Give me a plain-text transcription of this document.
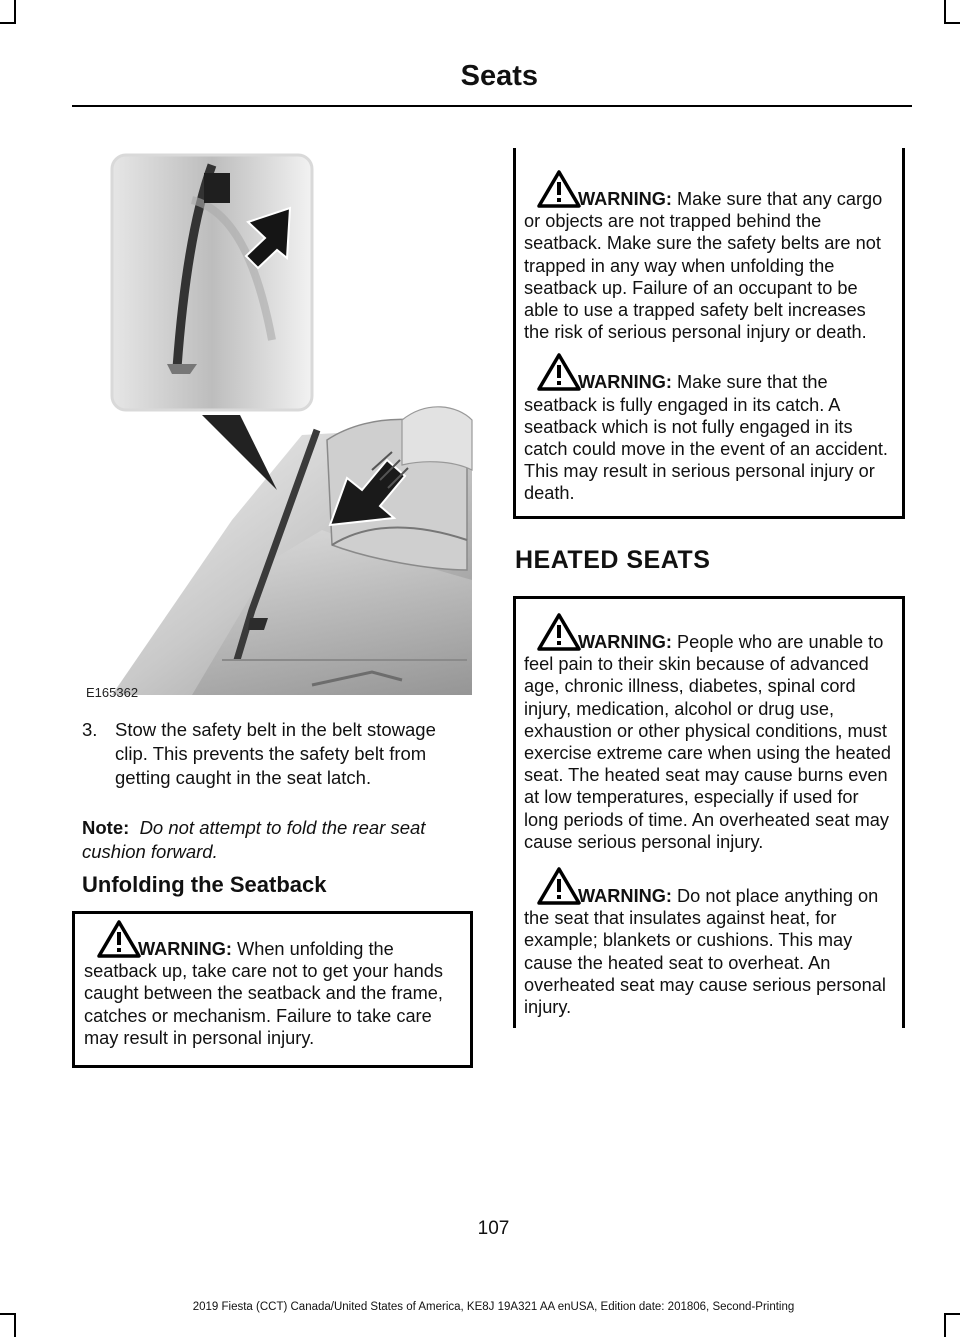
Seats
E165362
3. Stow the safety belt in the belt stowage clip. This prevents the safety belt from getting caught in the seat latch.
Note: Do not attempt to fold the rear seat cushion forward.
Unfolding the Seatback
WARNING: When unfolding the seatback up, take care not to get your hands caught between the seatback and the frame, catches or mechanism. Failure to take care may result in personal injury.
WARNING: Make sure that any cargo or objects are not trapped behind the seatback. Make sure the safety belts are not trapped in any way when unfolding the seatback up. Failure of an occupant to be able to use a trapped safety belt increases the risk of serious personal injury or death.
WARNING: Make sure that the seatback is fully engaged in its catch. A seatback which is not fully engaged in its catch could move in the event of an accident. This may result in serious personal injury or death.
HEATED SEATS
WARNING: People who are unable to feel pain to their skin because of advanced age, chronic illness, diabetes, spinal cord injury, medication, alcohol or drug use, exhaustion or other physical conditions, must exercise extreme care when using the heated seat. The heated seat may cause burns even at low temperatures, especially if used for long periods of time. An overheated seat may cause serious personal injury.
WARNING: Do not place anything on the seat that insulates against heat, for example; blankets or cushions. This may cause the heated seat to overheat. An overheated seat may cause serious personal injury.

107

2019 Fiesta (CCT) Canada/United States of America, KE8J 19A321 AA enUSA, Edition date: 201806, Second-Printing
